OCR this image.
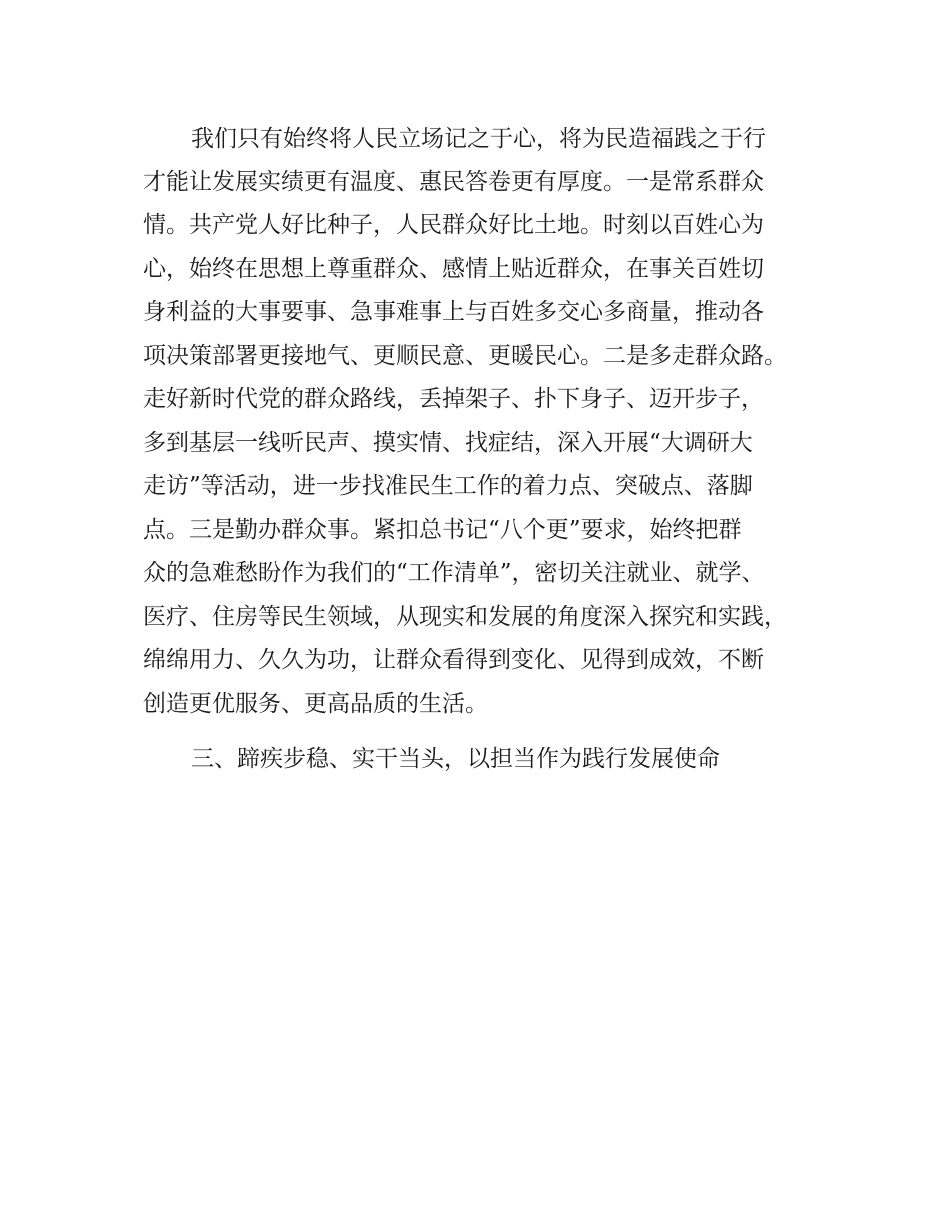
我们只有始终将人民立场记之于心，将为民造福践之于行
才能让发展实绩更有温度、惠民答卷更有厚度。一是常系群众
情。共产党人好比种子，人民群众好比土地。时刻以百姓心为
心，始终在思想上尊重群众、感情上贴近群众，在事关百姓切
身利益的大事要事、急事难事上与百姓多交心多商量，推动各
项决策部署更接地气、更顺民意、更暖民心。二是多走群众路。
走好新时代党的群众路线，丢掉架子、扑下身子、迈开步子，
多到基层一线听民声、摸实情、找症结，深入开展“大调研大
走访”等活动，进一步找准民生工作的着力点、突破点、落脚
点。三是勤办群众事。紧扣总书记“八个更”要求，始终把群
众的急难愁盼作为我们的“工作清单”，密切关注就业、就学、
医疗、住房等民生领域，从现实和发展的角度深入探究和实践，
绵绵用力、久久为功，让群众看得到变化、见得到成效，不断
创造更优服务、更高品质的生活。
三、蹄疾步稳、实干当头，以担当作为践行发展使命
